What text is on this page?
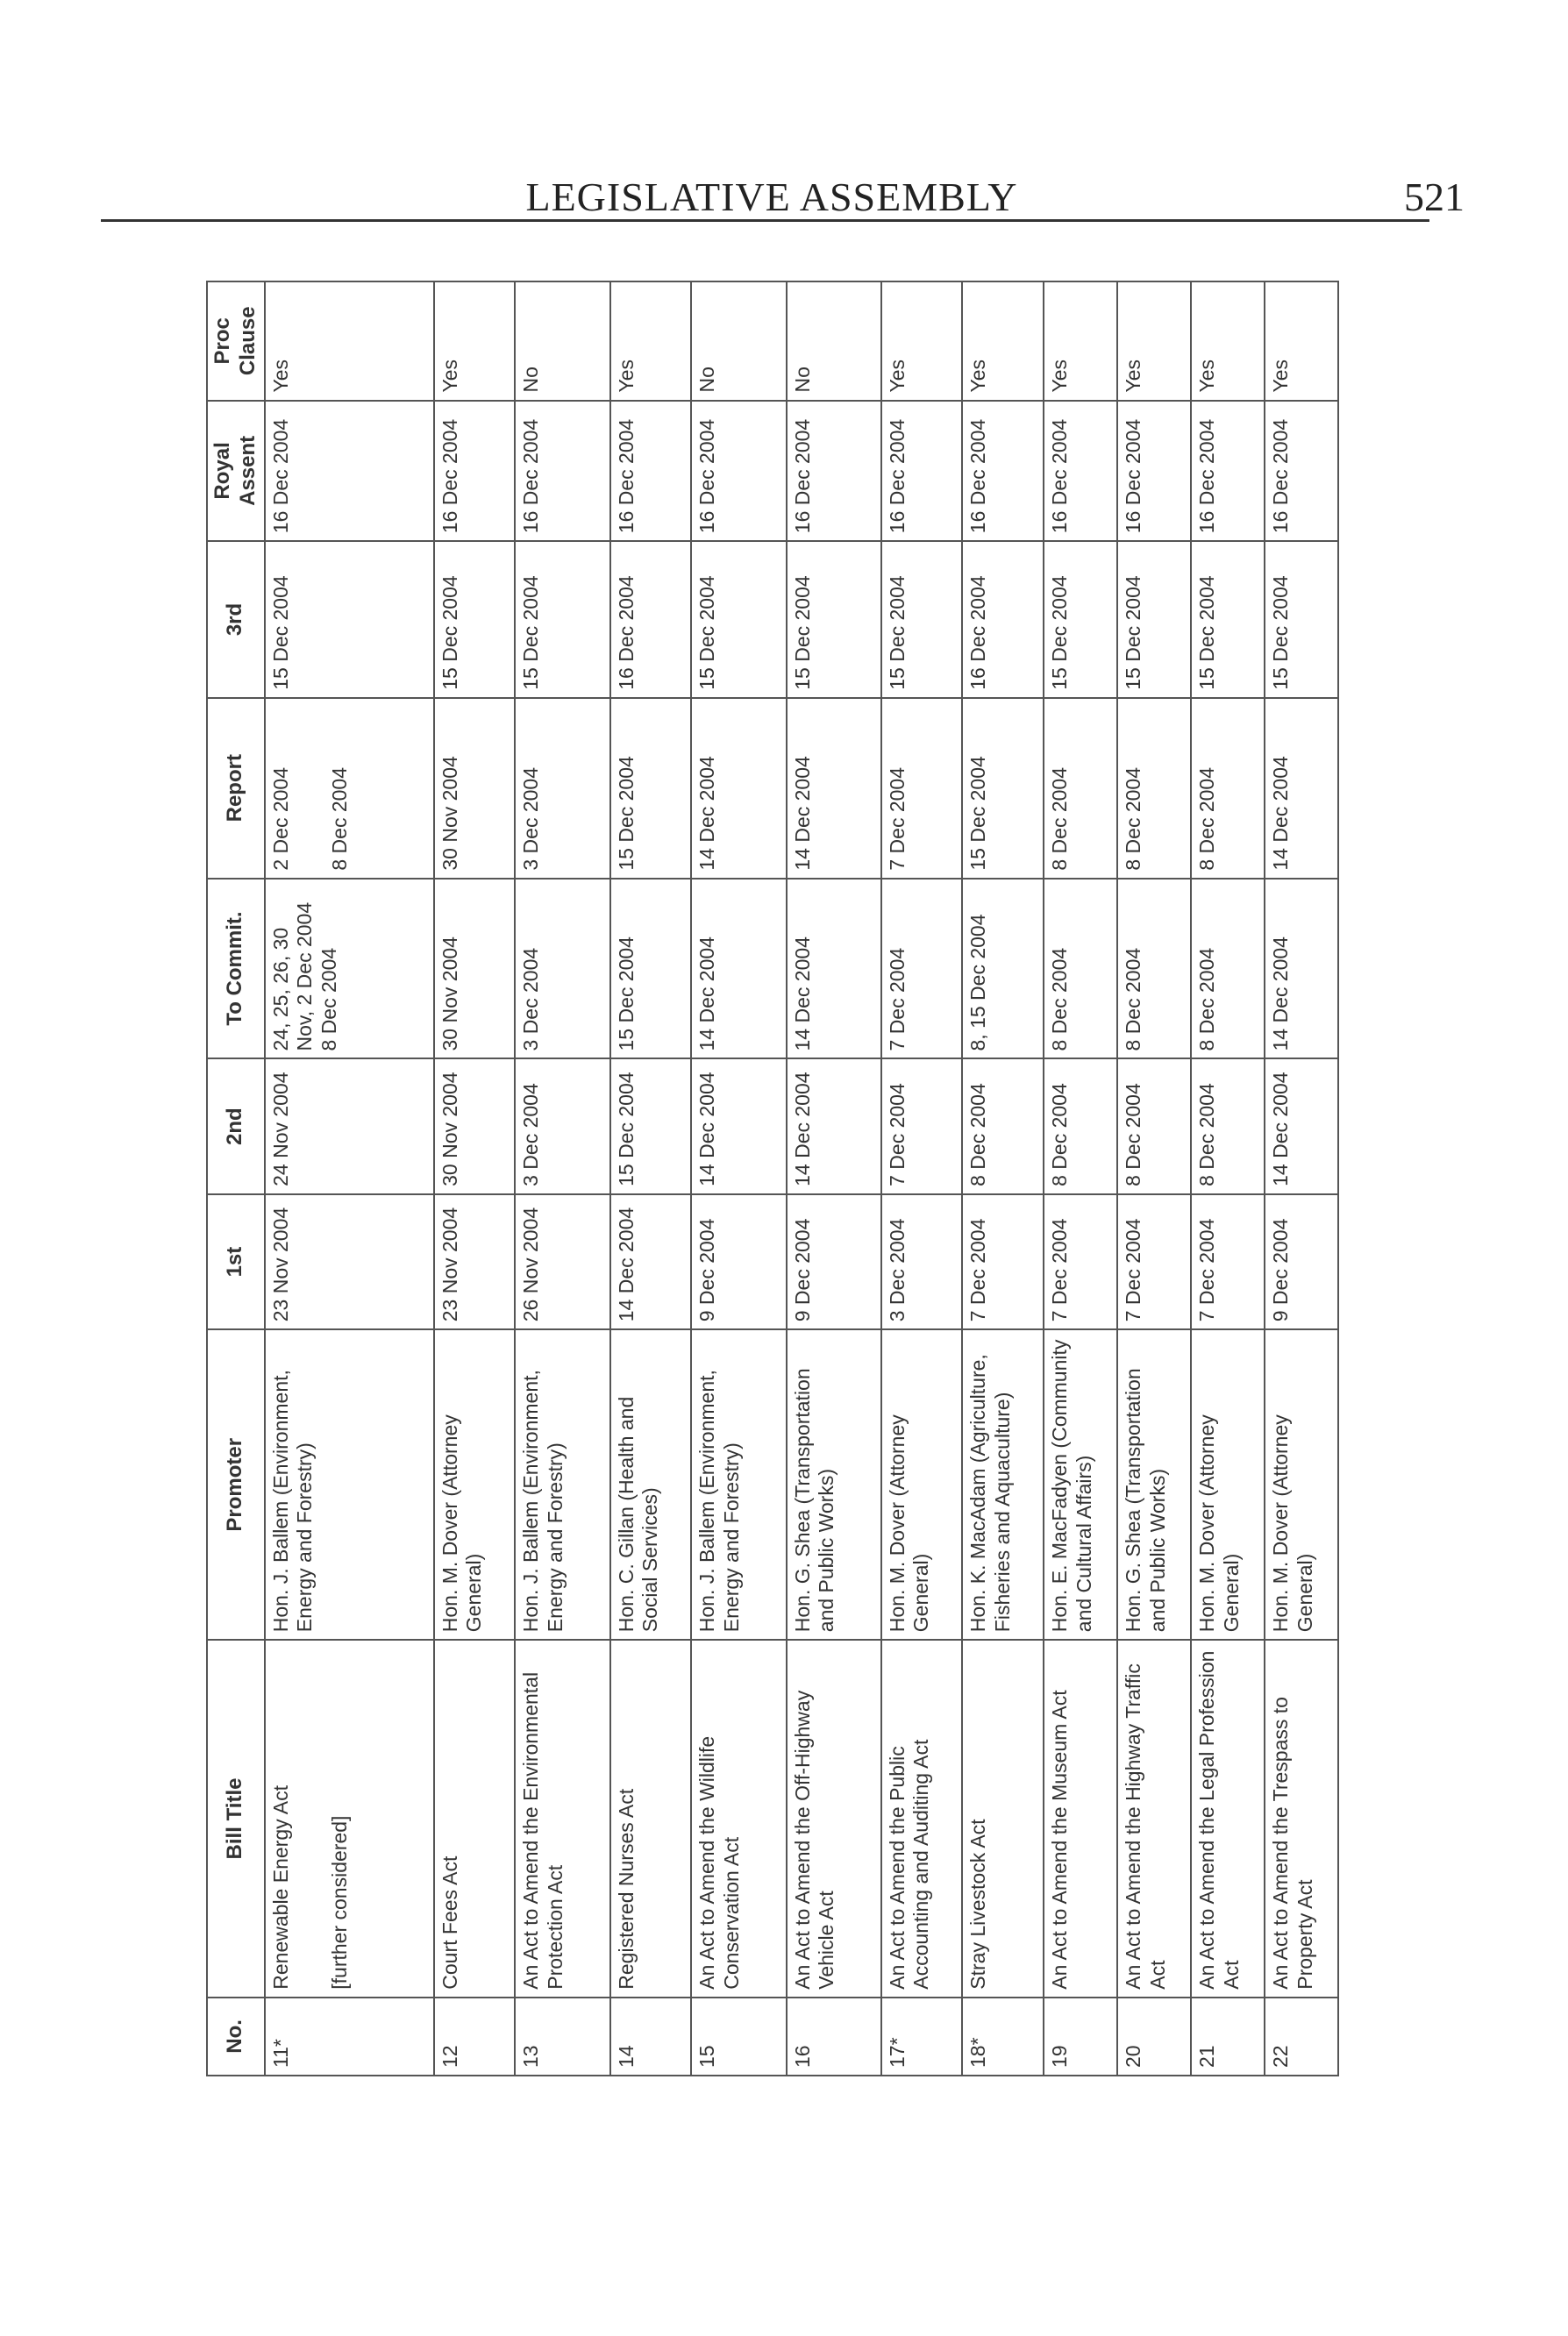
LEGISLATIVE ASSEMBLY	521
No.	Bill Title	Promoter	1st	2nd	To Commit.	Report	3rd	Royal Assent	Proc Clause

11*	Renewable Energy Act [further considered]	Hon. J. Ballem (Environment, Energy and Forestry)	23 Nov 2004	24 Nov 2004	24, 25, 26, 30 Nov, 2 Dec 2004 8 Dec 2004	2 Dec 2004 8 Dec 2004	15 Dec 2004	16 Dec 2004	Yes

12	Court Fees Act	Hon. M. Dover (Attorney General)	23 Nov 2004	30 Nov 2004	30 Nov 2004	30 Nov 2004	15 Dec 2004	16 Dec 2004	Yes

13	An Act to Amend the Environmental Protection Act	Hon. J. Ballem (Environment, Energy and Forestry)	26 Nov 2004	3 Dec 2004	3 Dec 2004	3 Dec 2004	15 Dec 2004	16 Dec 2004	No

14	Registered Nurses Act	Hon. C. Gillan (Health and Social Services)	14 Dec 2004	15 Dec 2004	15 Dec 2004	15 Dec 2004	16 Dec 2004	16 Dec 2004	Yes

15	An Act to Amend the Wildlife Conservation Act	Hon. J. Ballem (Environment, Energy and Forestry)	9 Dec 2004	14 Dec 2004	14 Dec 2004	14 Dec 2004	15 Dec 2004	16 Dec 2004	No

16	An Act to Amend the Off-Highway Vehicle Act	Hon. G. Shea (Transportation and Public Works)	9 Dec 2004	14 Dec 2004	14 Dec 2004	14 Dec 2004	15 Dec 2004	16 Dec 2004	No

17*	An Act to Amend the Public Accounting and Auditing Act	Hon. M. Dover (Attorney General)	3 Dec 2004	7 Dec 2004	7 Dec 2004	7 Dec 2004	15 Dec 2004	16 Dec 2004	Yes

18*	Stray Livestock Act	Hon. K. MacAdam (Agriculture, Fisheries and Aquaculture)	7 Dec 2004	8 Dec 2004	8, 15 Dec 2004	15 Dec 2004	16 Dec 2004	16 Dec 2004	Yes

19	An Act to Amend the Museum Act	Hon. E. MacFadyen (Community and Cultural Affairs)	7 Dec 2004	8 Dec 2004	8 Dec 2004	8 Dec 2004	15 Dec 2004	16 Dec 2004	Yes

20	An Act to Amend the Highway Traffic Act	Hon. G. Shea (Transportation and Public Works)	7 Dec 2004	8 Dec 2004	8 Dec 2004	8 Dec 2004	15 Dec 2004	16 Dec 2004	Yes

21	An Act to Amend the Legal Profession Act	Hon. M. Dover (Attorney General)	7 Dec 2004	8 Dec 2004	8 Dec 2004	8 Dec 2004	15 Dec 2004	16 Dec 2004	Yes

22	An Act to Amend the Trespass to Property Act	Hon. M. Dover (Attorney General)	9 Dec 2004	14 Dec 2004	14 Dec 2004	14 Dec 2004	15 Dec 2004	16 Dec 2004	Yes
